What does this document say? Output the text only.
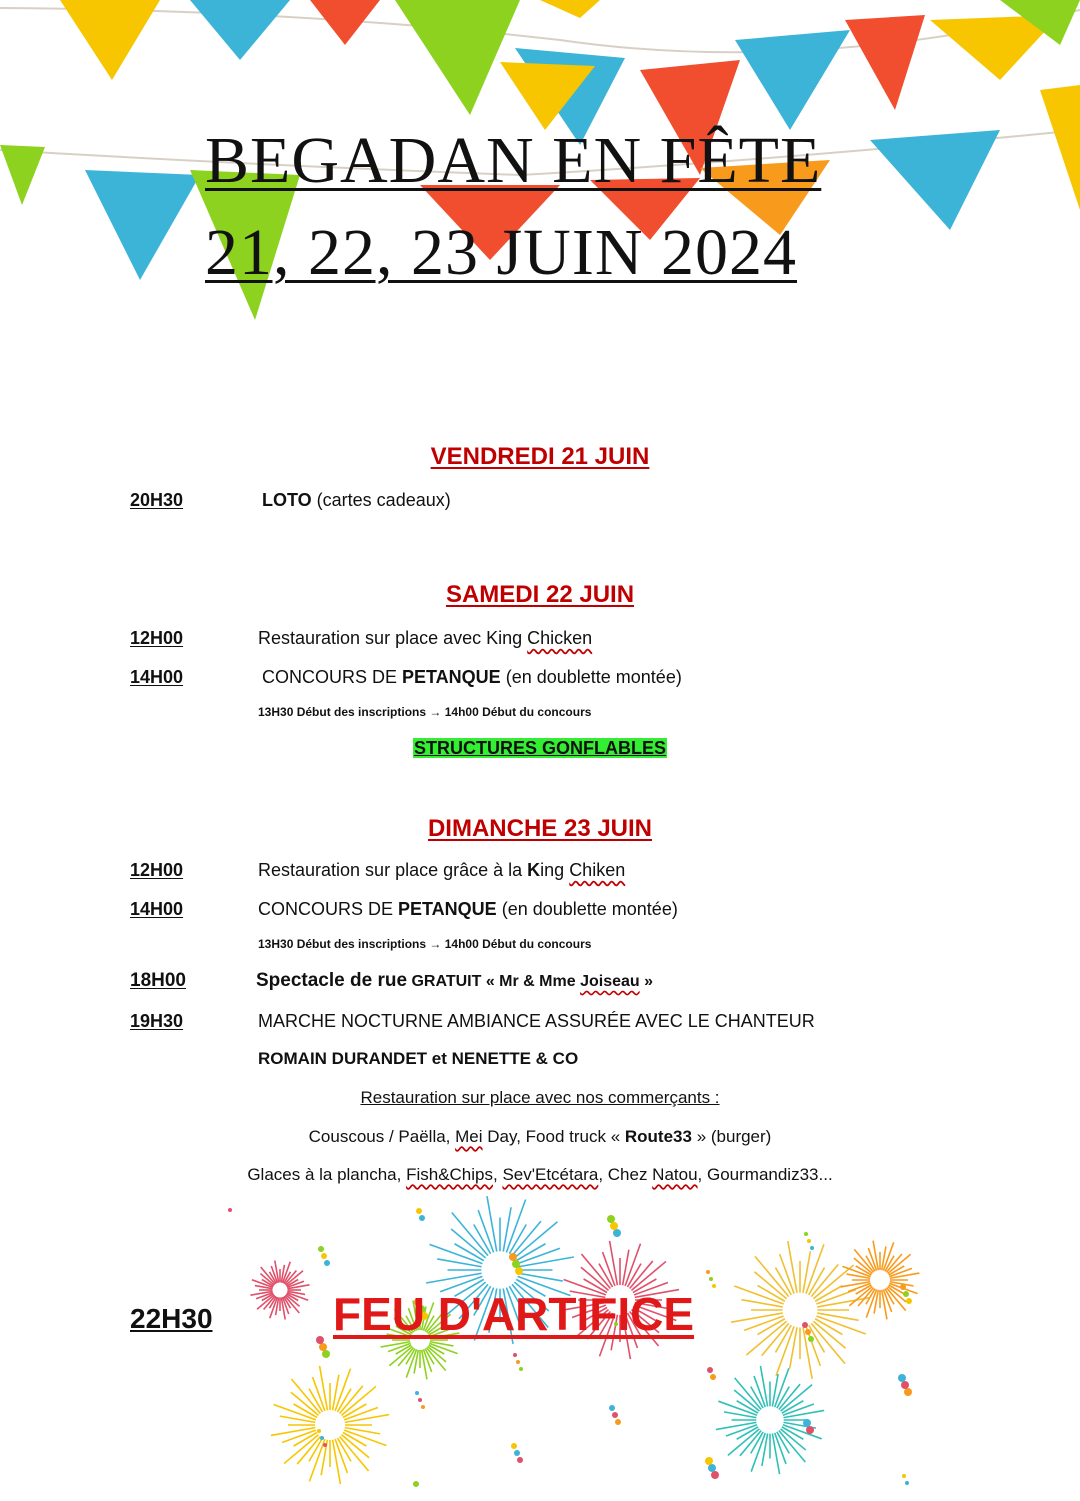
BEGADAN EN FÊTE
21, 22, 23 JUIN 2024
VENDREDI 21 JUIN
20H30	LOTO (cartes cadeaux)
SAMEDI 22 JUIN
12H00	Restauration sur place avec King Chicken
14H00	CONCOURS DE PETANQUE (en doublette montée)
13H30 Début des inscriptions → 14h00 Début du concours
STRUCTURES GONFLABLES
DIMANCHE 23 JUIN
12H00	Restauration sur place grâce à la King Chiken
14H00	CONCOURS DE PETANQUE (en doublette montée)
13H30 Début des inscriptions → 14h00 Début du concours
18H00	Spectacle de rue GRATUIT « Mr & Mme Joiseau »
19H30	MARCHE NOCTURNE AMBIANCE ASSURÉE AVEC LE CHANTEUR
ROMAIN DURANDET et NENETTE & CO
Restauration sur place avec nos commerçants :
Couscous / Paëlla, Mei Day, Food truck « Route33 » (burger)
Glaces à la plancha, Fish&Chips, Sev'Etcétara, Chez Natou, Gourmandiz33...
22H30	FEU D'ARTIFICE
